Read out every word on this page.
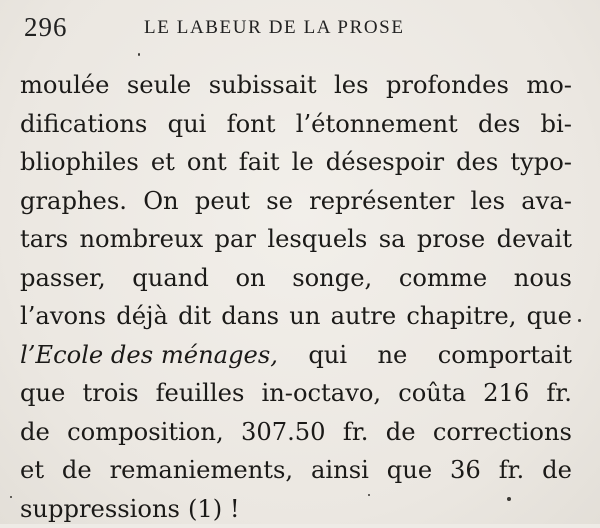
296	LE LABEUR DE LA PROSE
moulée seule subissait les profondes mo-
difications qui font l’étonnement des bi-
bliophiles et ont fait le désespoir des typo-
graphes. On peut se représenter les ava-
tars nombreux par lesquels sa prose devait
passer, quand on songe, comme nous
l’avons déjà dit dans un autre chapitre, que
l’Ecole des ménages, qui ne comportait
que trois feuilles in-octavo, coûta 216 fr.
de composition, 307.50 fr. de corrections
et de remaniements, ainsi que 36 fr. de
suppressions (1) !
